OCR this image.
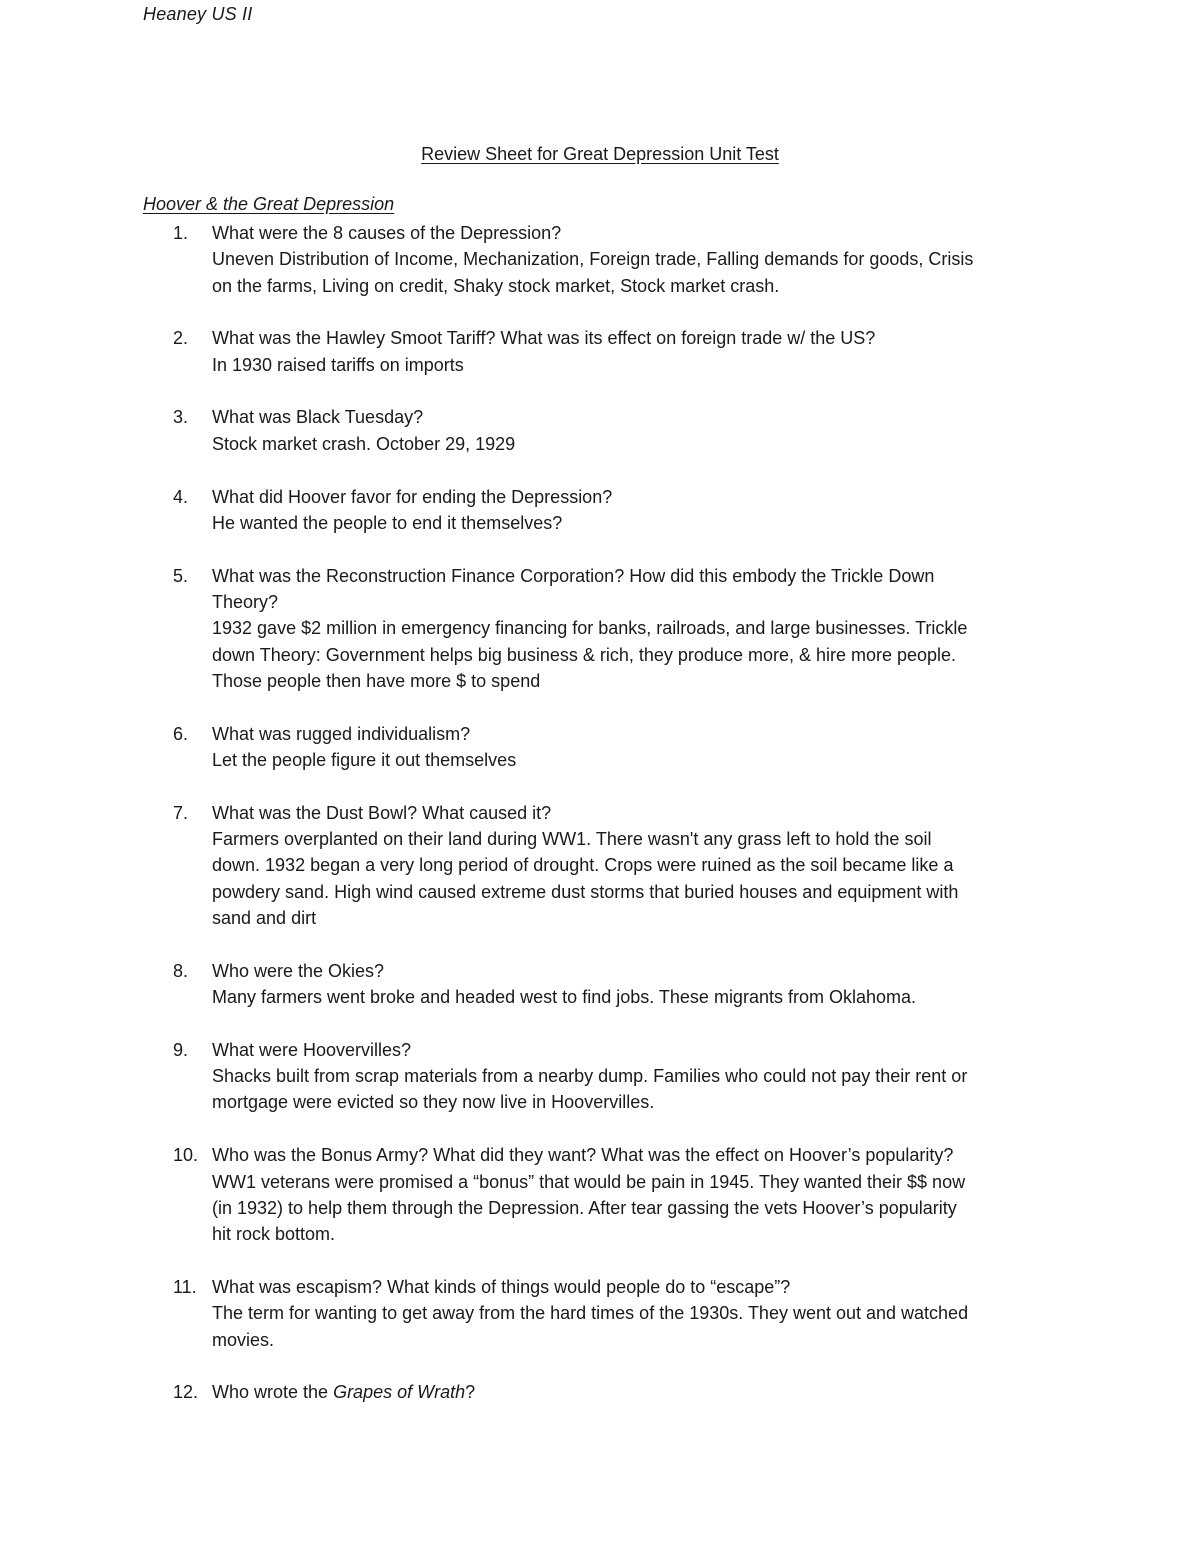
Heaney US II
Review Sheet for Great Depression Unit Test
Hoover & the Great Depression
1. What were the 8 causes of the Depression?
Uneven Distribution of Income, Mechanization, Foreign trade, Falling demands for goods, Crisis
on the farms, Living on credit, Shaky stock market, Stock market crash.
2. What was the Hawley Smoot Tariff? What was its effect on foreign trade w/ the US?
In 1930 raised tariffs on imports
3. What was Black Tuesday?
Stock market crash. October 29, 1929
4. What did Hoover favor for ending the Depression?
He wanted the people to end it themselves?
5. What was the Reconstruction Finance Corporation? How did this embody the Trickle Down
Theory?
1932 gave $2 million in emergency financing for banks, railroads, and large businesses. Trickle
down Theory: Government helps big business & rich, they produce more, & hire more people.
Those people then have more $ to spend
6. What was rugged individualism?
Let the people figure it out themselves
7. What was the Dust Bowl? What caused it?
Farmers overplanted on their land during WW1. There wasn't any grass left to hold the soil
down. 1932 began a very long period of drought. Crops were ruined as the soil became like a
powdery sand. High wind caused extreme dust storms that buried houses and equipment with
sand and dirt
8. Who were the Okies?
Many farmers went broke and headed west to find jobs. These migrants from Oklahoma.
9. What were Hoovervilles?
Shacks built from scrap materials from a nearby dump. Families who could not pay their rent or
mortgage were evicted so they now live in Hoovervilles.
10. Who was the Bonus Army? What did they want? What was the effect on Hoover’s popularity?
WW1 veterans were promised a “bonus” that would be pain in 1945. They wanted their $$ now
(in 1932) to help them through the Depression. After tear gassing the vets Hoover’s popularity
hit rock bottom.
11. What was escapism? What kinds of things would people do to “escape”?
The term for wanting to get away from the hard times of the 1930s. They went out and watched
movies.
12. Who wrote the Grapes of Wrath?
